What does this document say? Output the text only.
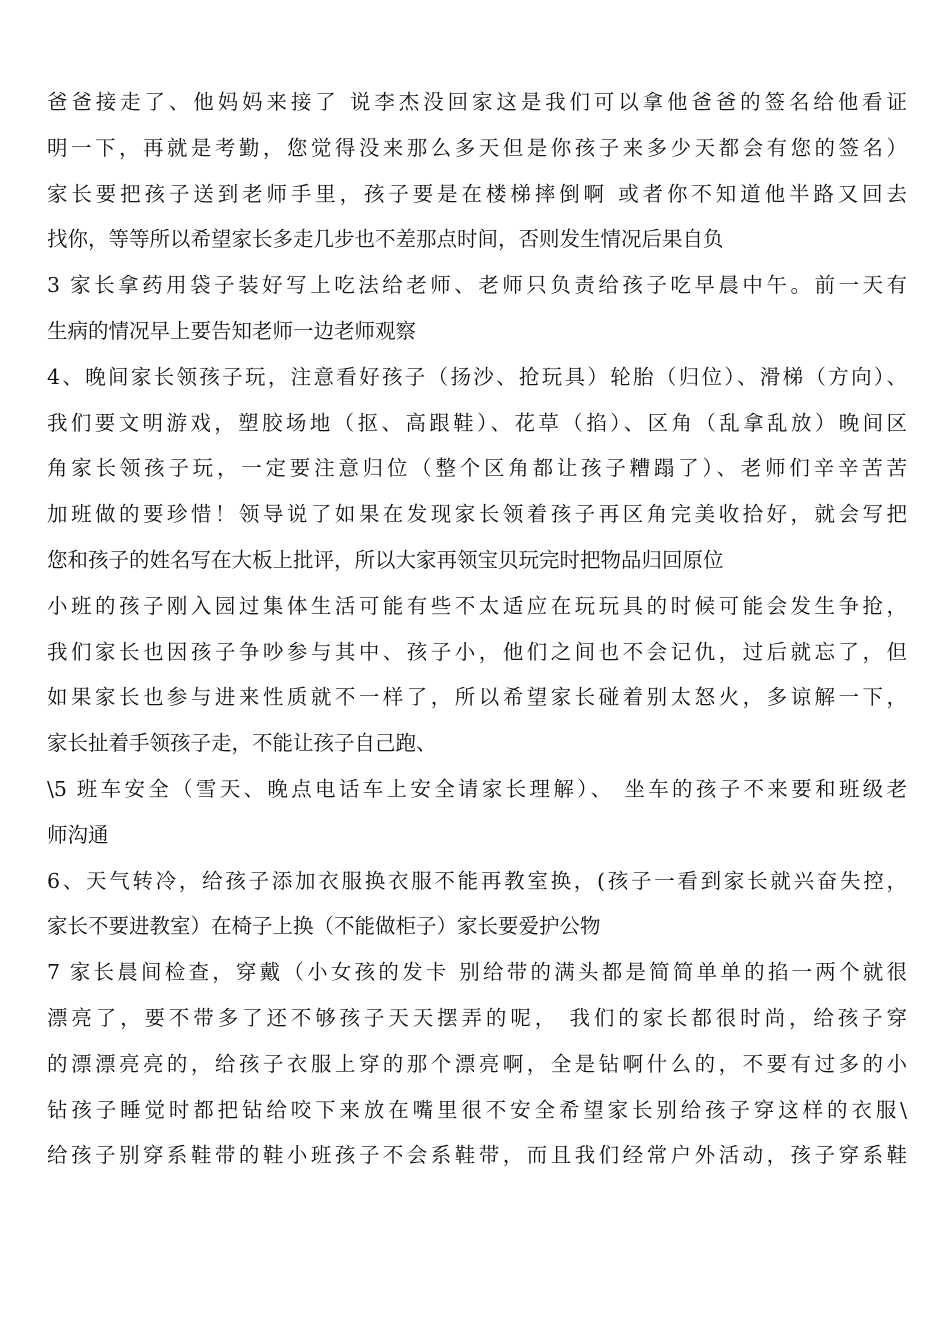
爸爸接走了、他妈妈来接了 说李杰没回家这是我们可以拿他爸爸的签名给他看证
明一下，再就是考勤，您觉得没来那么多天但是你孩子来多少天都会有您的签名）
家长要把孩子送到老师手里，孩子要是在楼梯摔倒啊 或者你不知道他半路又回去
找你，等等所以希望家长多走几步也不差那点时间，否则发生情况后果自负
3 家长拿药用袋子装好写上吃法给老师、老师只负责给孩子吃早晨中午。前一天有
生病的情况早上要告知老师一边老师观察
4、晚间家长领孩子玩，注意看好孩子（扬沙、抢玩具）轮胎（归位）、滑梯（方向）、
我们要文明游戏，塑胶场地（抠、高跟鞋）、花草（掐）、区角（乱拿乱放）晚间区
角家长领孩子玩，一定要注意归位（整个区角都让孩子糟蹋了）、老师们辛辛苦苦
加班做的要珍惜！领导说了如果在发现家长领着孩子再区角完美收拾好，就会写把
您和孩子的姓名写在大板上批评，所以大家再领宝贝玩完时把物品归回原位
小班的孩子刚入园过集体生活可能有些不太适应在玩玩具的时候可能会发生争抢，
我们家长也因孩子争吵参与其中、孩子小，他们之间也不会记仇，过后就忘了，但
如果家长也参与进来性质就不一样了，所以希望家长碰着别太怒火，多谅解一下，
家长扯着手领孩子走，不能让孩子自己跑、
\5 班车安全（雪天、晚点电话车上安全请家长理解）、 坐车的孩子不来要和班级老
师沟通
6、天气转冷，给孩子添加衣服换衣服不能再教室换，(孩子一看到家长就兴奋失控，
家长不要进教室）在椅子上换（不能做柜子）家长要爱护公物
7 家长晨间检查，穿戴（小女孩的发卡 别给带的满头都是简简单单的掐一两个就很
漂亮了，要不带多了还不够孩子天天摆弄的呢， 我们的家长都很时尚，给孩子穿
的漂漂亮亮的，给孩子衣服上穿的那个漂亮啊，全是钻啊什么的，不要有过多的小
钻孩子睡觉时都把钻给咬下来放在嘴里很不安全希望家长别给孩子穿这样的衣服\
给孩子别穿系鞋带的鞋小班孩子不会系鞋带，而且我们经常户外活动，孩子穿系鞋
